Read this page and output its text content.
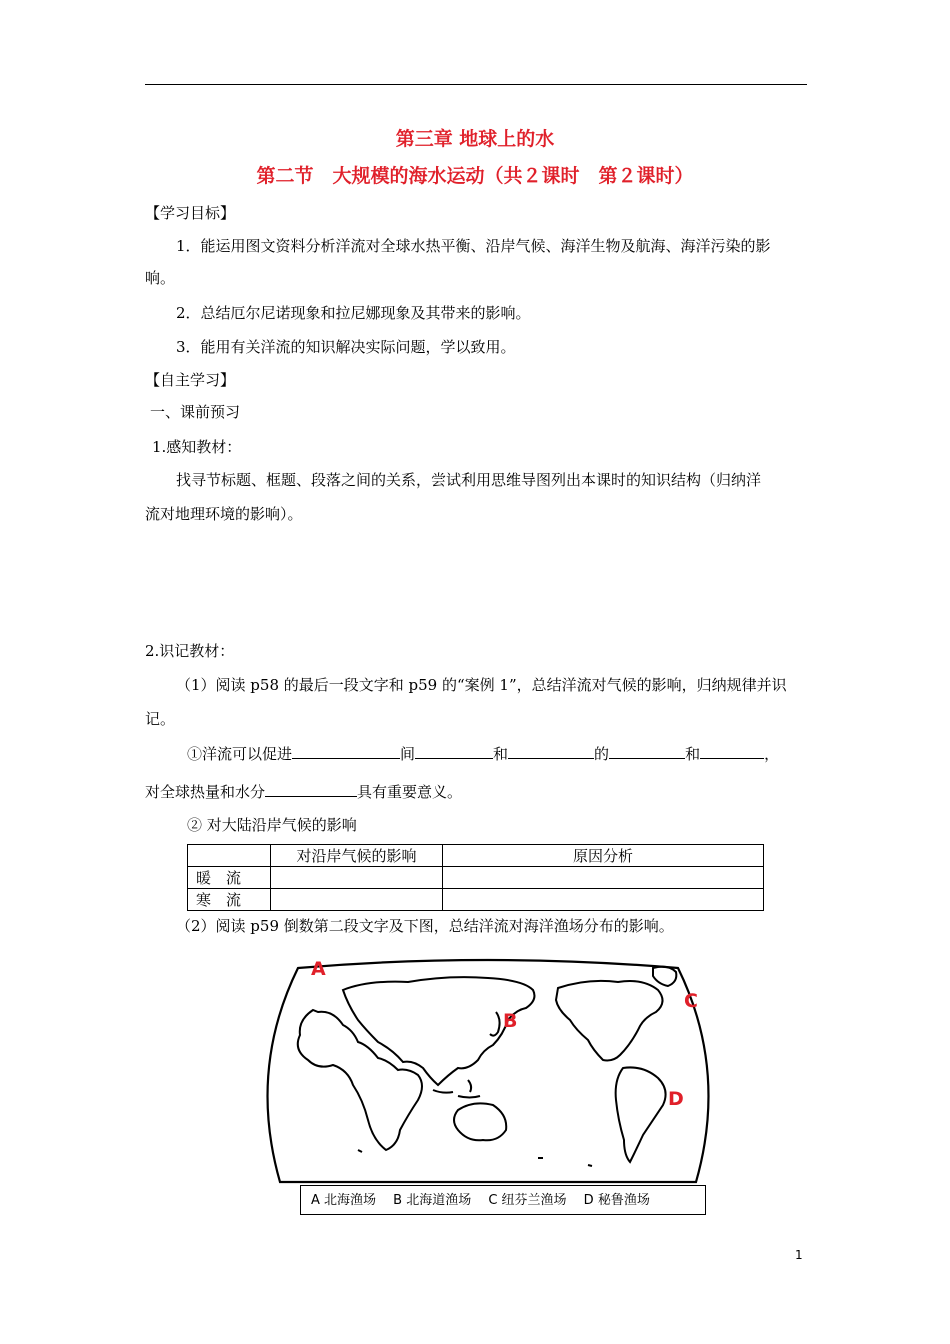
第三章 地球上的水
第二节　大规模的海水运动（共２课时　第２课时）
【学习目标】
1．能运用图文资料分析洋流对全球水热平衡、沿岸气候、海洋生物及航海、海洋污染的影
响。
2．总结厄尔尼诺现象和拉尼娜现象及其带来的影响。
3．能用有关洋流的知识解决实际问题，学以致用。
【自主学习】
一、课前预习
1.感知教材：
找寻节标题、框题、段落之间的关系，尝试利用思维导图列出本课时的知识结构（归纳洋
流对地理环境的影响）。
2.识记教材：
（1）阅读 p58 的最后一段文字和 p59 的“案例 1”，总结洋流对气候的影响，归纳规律并识
记。
①洋流可以促进	间	和	的	和	，
对全球热量和水分	具有重要意义。
② 对大陆沿岸气候的影响
	对沿岸气候的影响	原因分析
暖　流		
寒　流		
（2）阅读 p59 倒数第二段文字及下图，总结洋流对海洋渔场分布的影响。
A
B
C
D
A 北海渔场　 B 北海道渔场　 C 纽芬兰渔场　 D 秘鲁渔场
1
